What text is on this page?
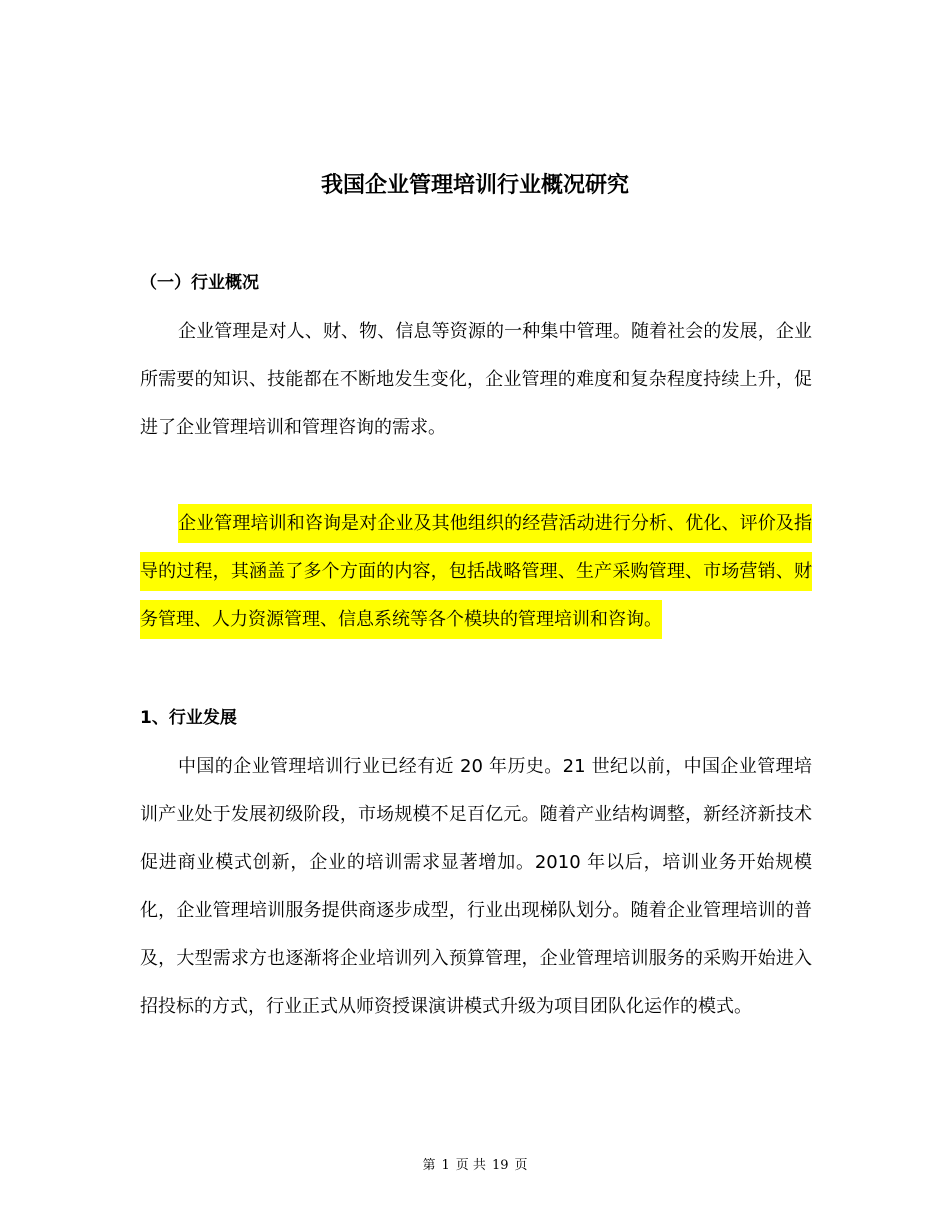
我国企业管理培训行业概况研究
（一）行业概况

企业管理是对人、财、物、信息等资源的一种集中管理。随着社会的发展，企业所需要的知识、技能都在不断地发生变化，企业管理的难度和复杂程度持续上升，促进了企业管理培训和管理咨询的需求。

企业管理培训和咨询是对企业及其他组织的经营活动进行分析、优化、评价及指导的过程，其涵盖了多个方面的内容，包括战略管理、生产采购管理、市场营销、财务管理、人力资源管理、信息系统等各个模块的管理培训和咨询。

1、行业发展

中国的企业管理培训行业已经有近 20 年历史。21 世纪以前，中国企业管理培训产业处于发展初级阶段，市场规模不足百亿元。随着产业结构调整，新经济新技术促进商业模式创新，企业的培训需求显著增加。2010 年以后，培训业务开始规模化，企业管理培训服务提供商逐步成型，行业出现梯队划分。随着企业管理培训的普及，大型需求方也逐渐将企业培训列入预算管理，企业管理培训服务的采购开始进入招投标的方式，行业正式从师资授课演讲模式升级为项目团队化运作的模式。

第 1 页 共 19 页
